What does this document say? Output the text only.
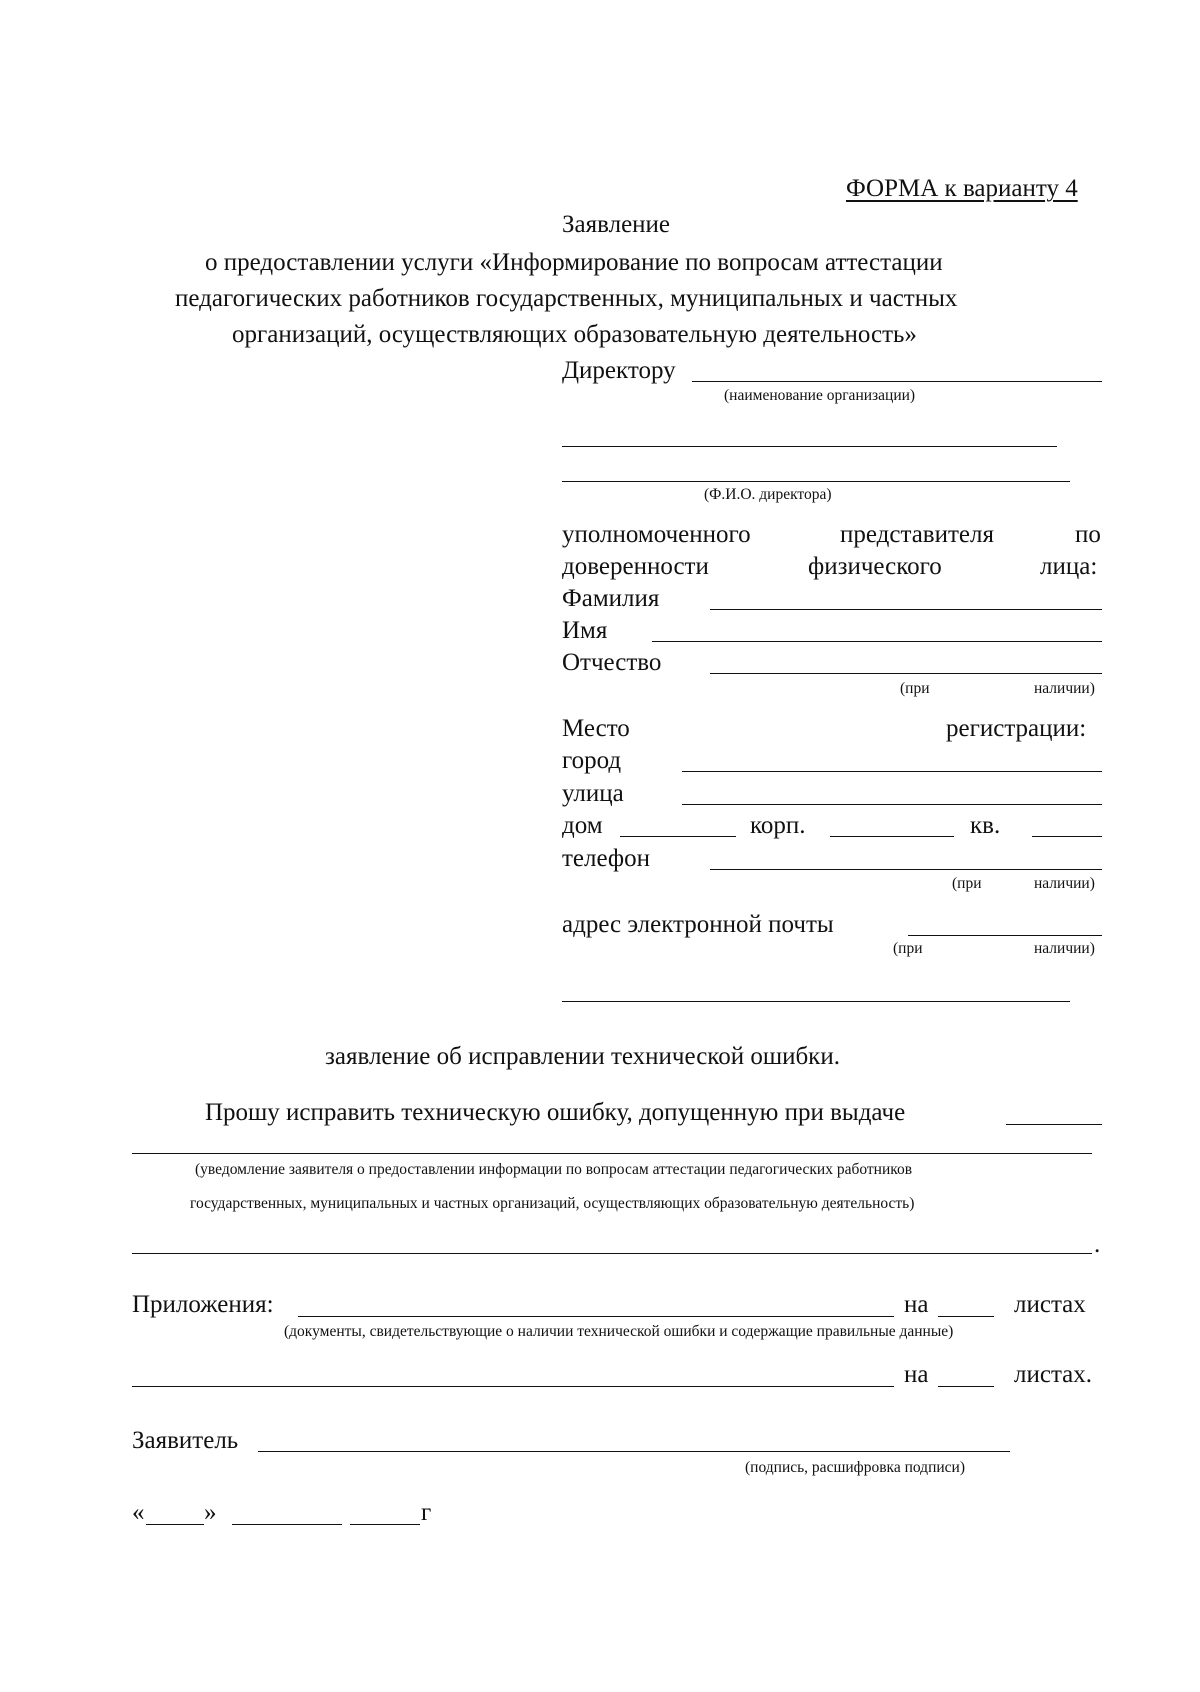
ФОРМА к варианту 4
Заявление
о предоставлении услуги «Информирование по вопросам аттестации
педагогических работников государственных, муниципальных и частных
организаций, осуществляющих образовательную деятельность»
Директору
(наименование организации)
(Ф.И.О. директора)
уполномоченного	представителя	по
доверенности	физического	лица:
Фамилия
Имя
Отчество
(при	наличии)
Место	регистрации:
город
улица
дом	корп.	кв.
телефон
(при	наличии)
адрес электронной почты
(при	наличии)
заявление об исправлении технической ошибки.
Прошу исправить техническую ошибку, допущенную при выдаче
(уведомление заявителя о предоставлении информации по вопросам аттестации педагогических работников
государственных, муниципальных и частных организаций, осуществляющих образовательную деятельность)
.
Приложения:	на	листах
(документы, свидетельствующие о наличии технической ошибки и содержащие правильные данные)
на	листах.
Заявитель
(подпись, расшифровка подписи)
« »	г
